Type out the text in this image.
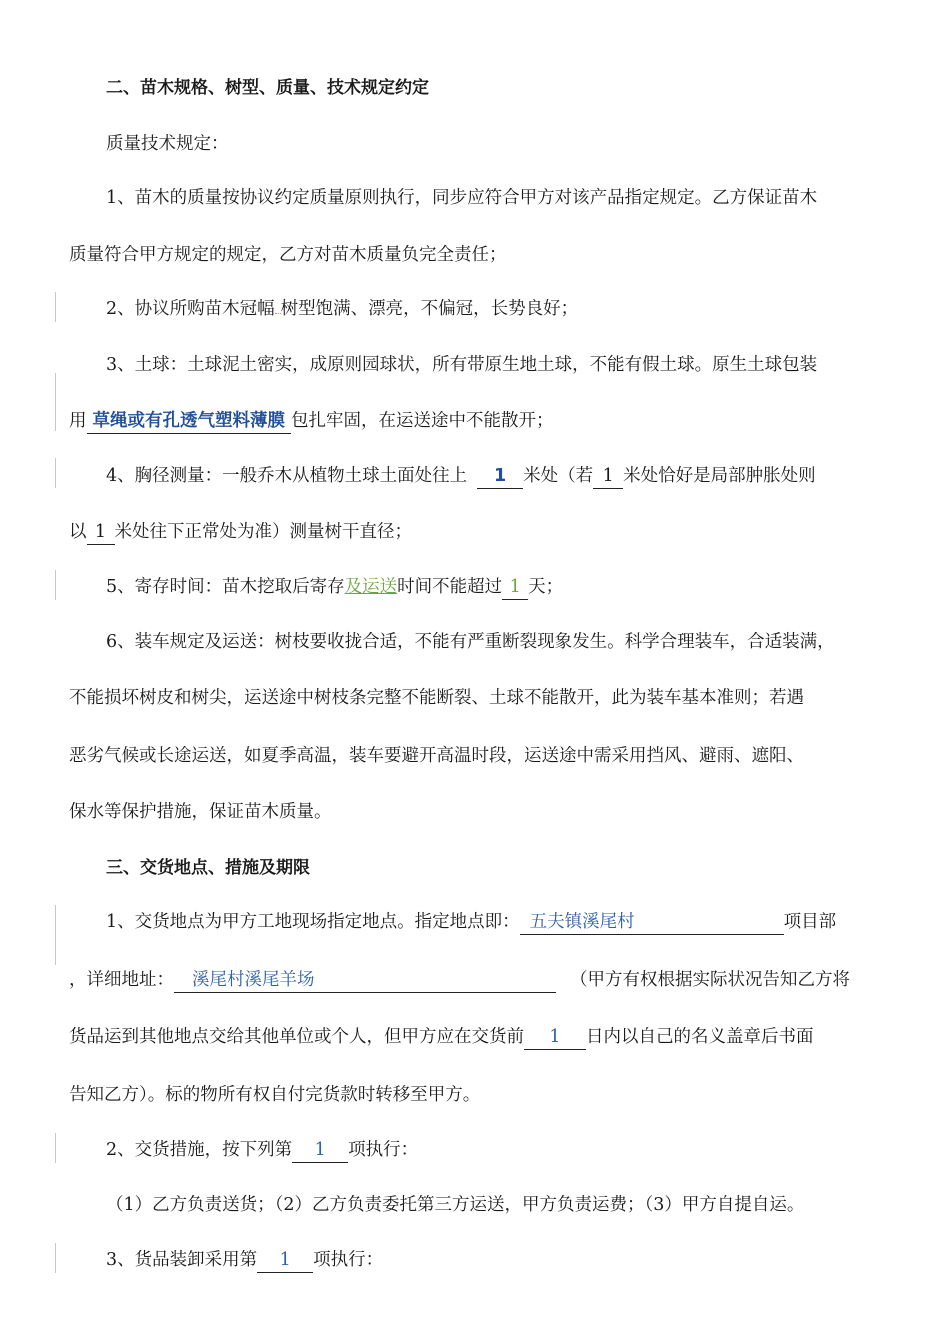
二、苗木规格、树型、质量、技术规定约定
质量技术规定：
1、苗木的质量按协议约定质量原则执行，同步应符合甲方对该产品指定规定。乙方保证苗木
质量符合甲方规定的规定，乙方对苗木质量负完全责任；
2、协议所购苗木冠幅 树型饱满、漂亮，不偏冠，长势良好；
3、土球：土球泥土密实，成原则园球状，所有带原生地土球，不能有假土球。原生土球包装
用 草绳或有孔透气塑料薄膜 包扎牢固，在运送途中不能散开；
4、胸径测量：一般乔木从植物土球土面处往上 1 米处（若 1 米处恰好是局部肿胀处则
以 1 米处往下正常处为准）测量树干直径；
5、寄存时间：苗木挖取后寄存及运送时间不能超过 1 天；
6、装车规定及运送：树枝要收拢合适，不能有严重断裂现象发生。科学合理装车，合适装满，
不能损坏树皮和树尖，运送途中树枝条完整不能断裂、土球不能散开，此为装车基本准则；若遇
恶劣气候或长途运送，如夏季高温，装车要避开高温时段，运送途中需采用挡风、避雨、遮阳、
保水等保护措施，保证苗木质量。
三、交货地点、措施及期限
1、交货地点为甲方工地现场指定地点。指定地点即： 五夫镇溪尾村	项目部
，详细地址： 溪尾村溪尾羊场	（甲方有权根据实际状况告知乙方将
货品运到其他地点交给其他单位或个人，但甲方应在交货前 1 日内以自己的名义盖章后书面
告知乙方）。标的物所有权自付完货款时转移至甲方。
2、交货措施，按下列第 1 项执行：
（1）乙方负责送货；（2）乙方负责委托第三方运送，甲方负责运费；（3）甲方自提自运。
3、货品装卸采用第 1 项执行：
